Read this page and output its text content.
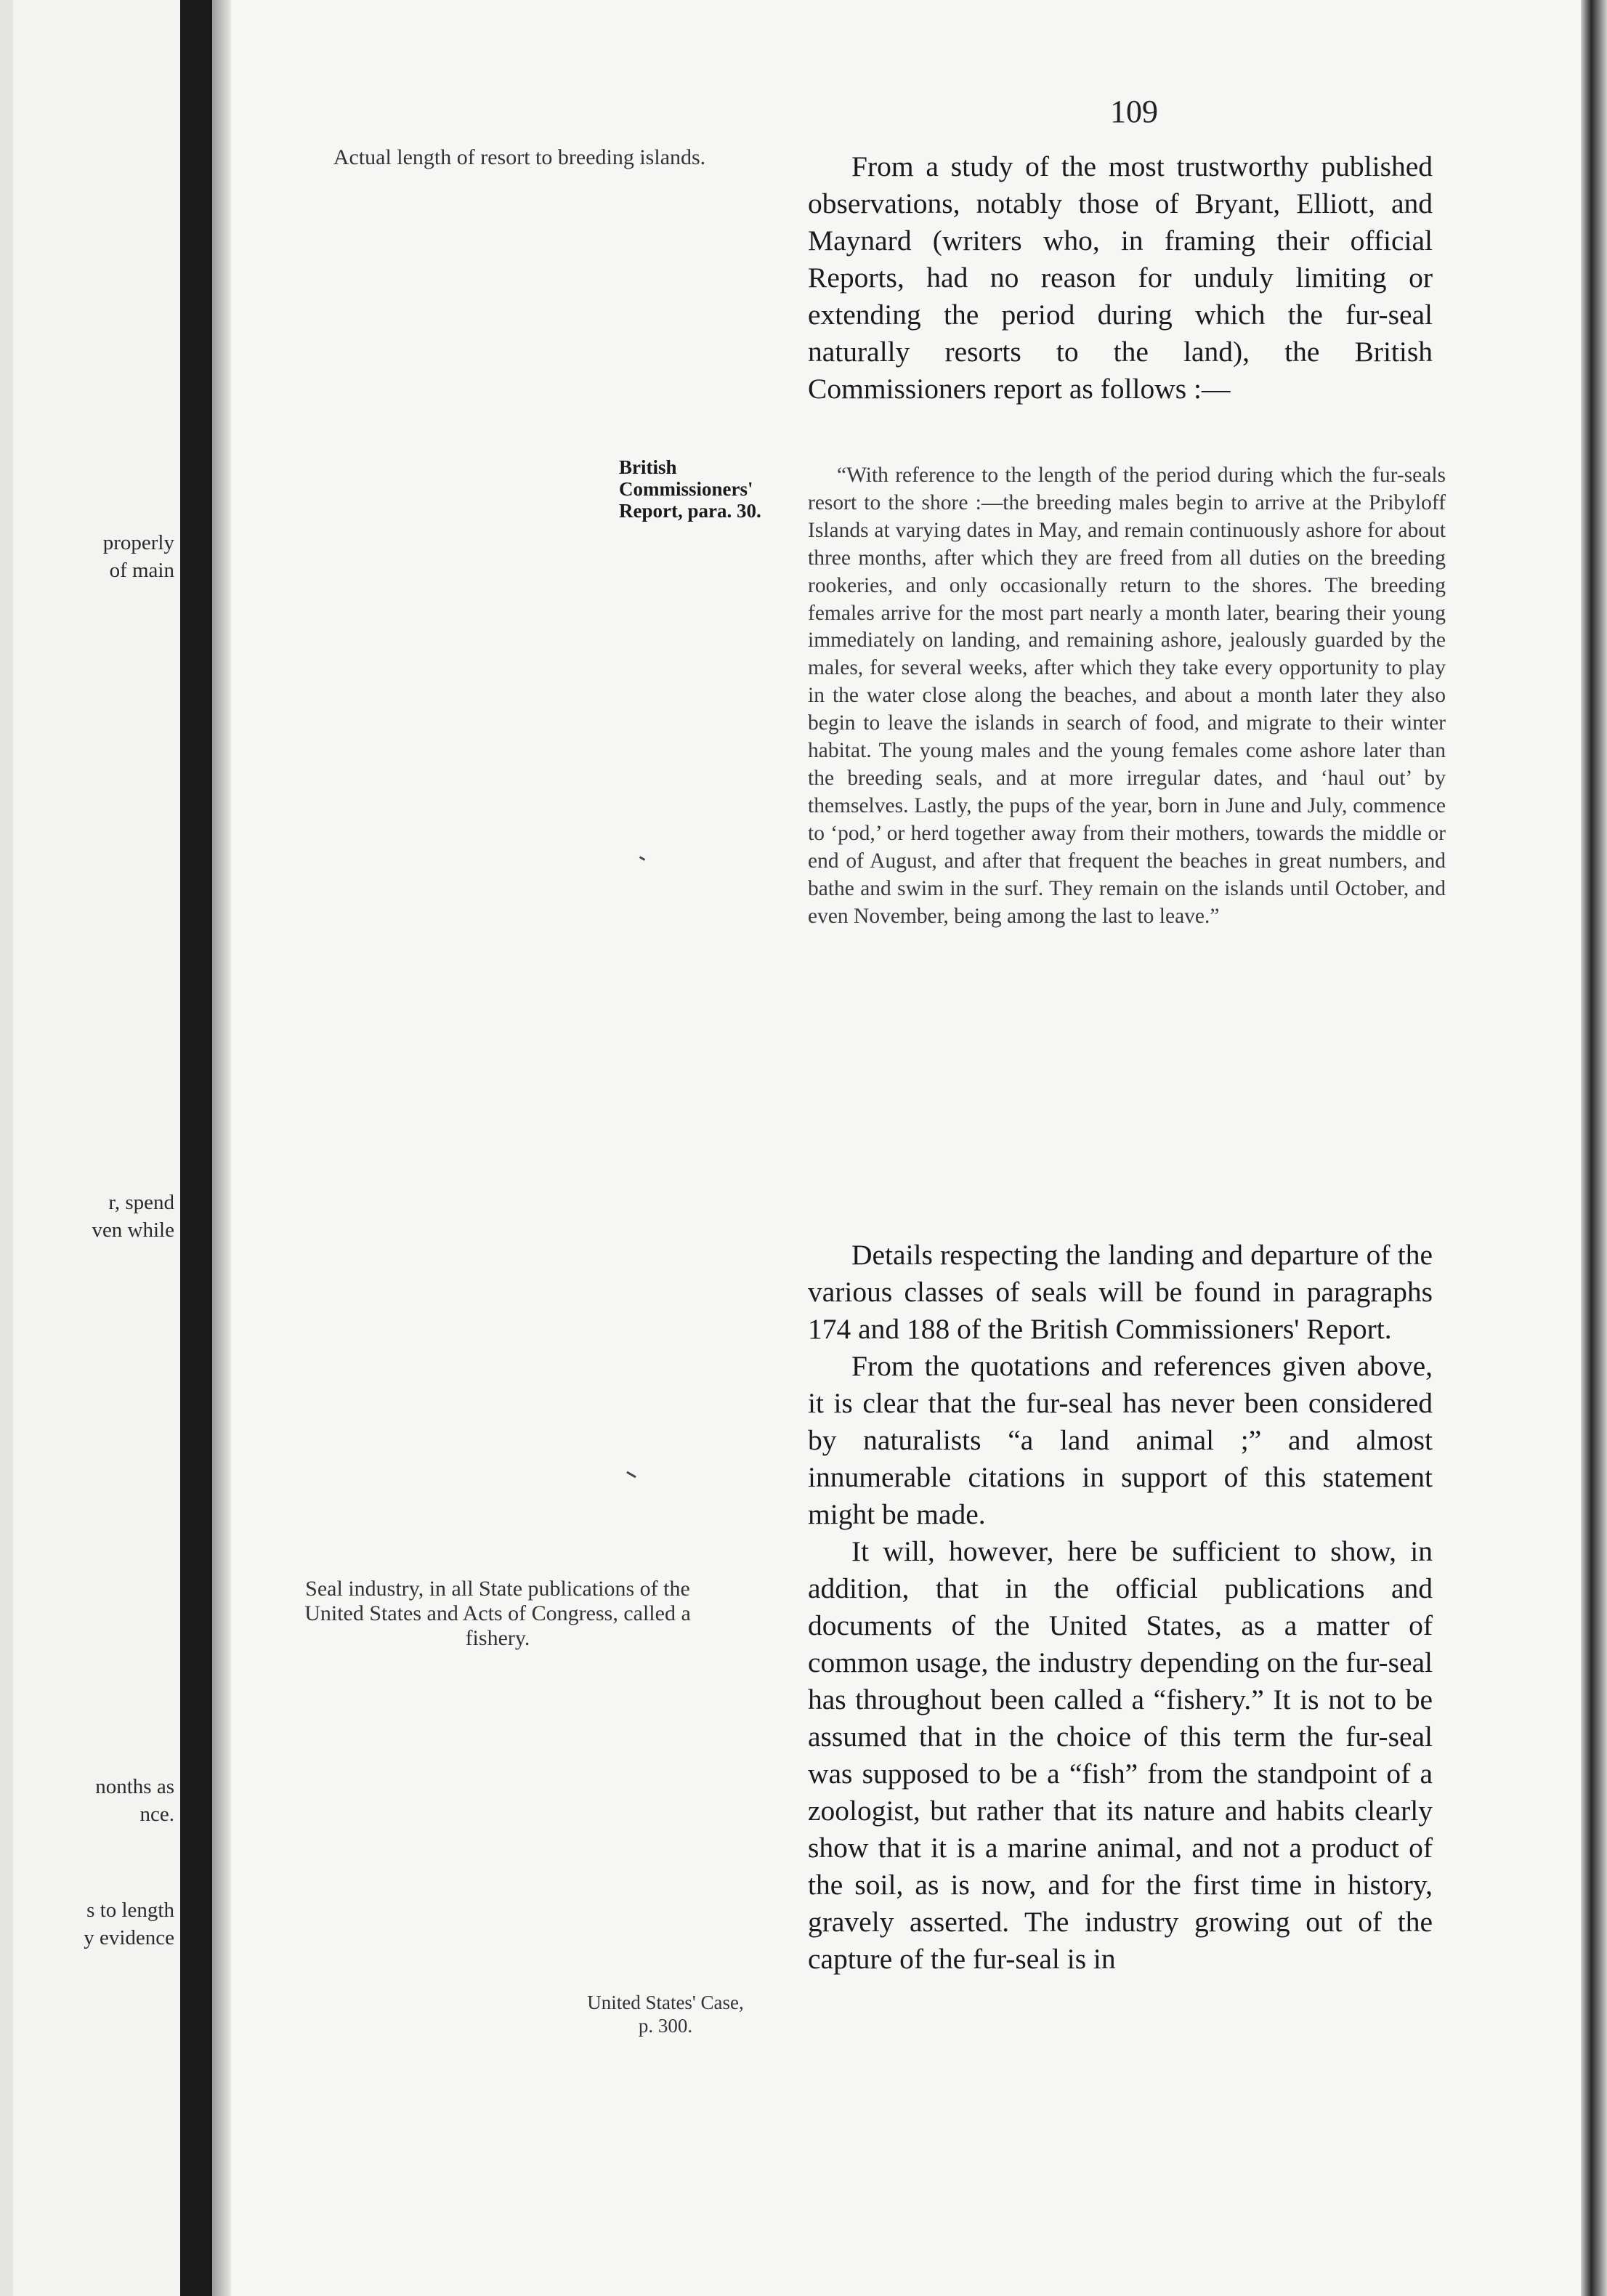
properly
of main
r, spend
ven while
nonths as
nce.
s to length
y evidence
109
Actual length of resort to breeding islands.
British Commissioners' Report, para. 30.
Seal industry, in all State publications of the United States and Acts of Congress, called a fishery.
United States' Case, p. 300.

From a study of the most trustworthy published observations, notably those of Bryant, Elliott, and Maynard (writers who, in framing their official Reports, had no reason for unduly limiting or extending the period during which the fur-seal naturally resorts to the land), the British Commissioners report as follows :—

“With reference to the length of the period during which the fur-seals resort to the shore :—the breeding males begin to arrive at the Pribyloff Islands at varying dates in May, and remain continuously ashore for about three months, after which they are freed from all duties on the breeding rookeries, and only occasionally return to the shores. The breeding females arrive for the most part nearly a month later, bearing their young immediately on landing, and remaining ashore, jealously guarded by the males, for several weeks, after which they take every opportunity to play in the water close along the beaches, and about a month later they also begin to leave the islands in search of food, and migrate to their winter habitat. The young males and the young females come ashore later than the breeding seals, and at more irregular dates, and ‘haul out’ by themselves. Lastly, the pups of the year, born in June and July, commence to ‘pod,’ or herd together away from their mothers, towards the middle or end of August, and after that frequent the beaches in great numbers, and bathe and swim in the surf. They remain on the islands until October, and even November, being among the last to leave.”

Details respecting the landing and departure of the various classes of seals will be found in paragraphs 174 and 188 of the British Commissioners' Report.

From the quotations and references given above, it is clear that the fur-seal has never been considered by naturalists “a land animal ;” and almost innumerable citations in support of this statement might be made.

It will, however, here be sufficient to show, in addition, that in the official publications and documents of the United States, as a matter of common usage, the industry depending on the fur-seal has throughout been called a “fishery.” It is not to be assumed that in the choice of this term the fur-seal was supposed to be a “fish” from the standpoint of a zoologist, but rather that its nature and habits clearly show that it is a marine animal, and not a product of the soil, as is now, and for the first time in history, gravely asserted. The industry growing out of the capture of the fur-seal is in
